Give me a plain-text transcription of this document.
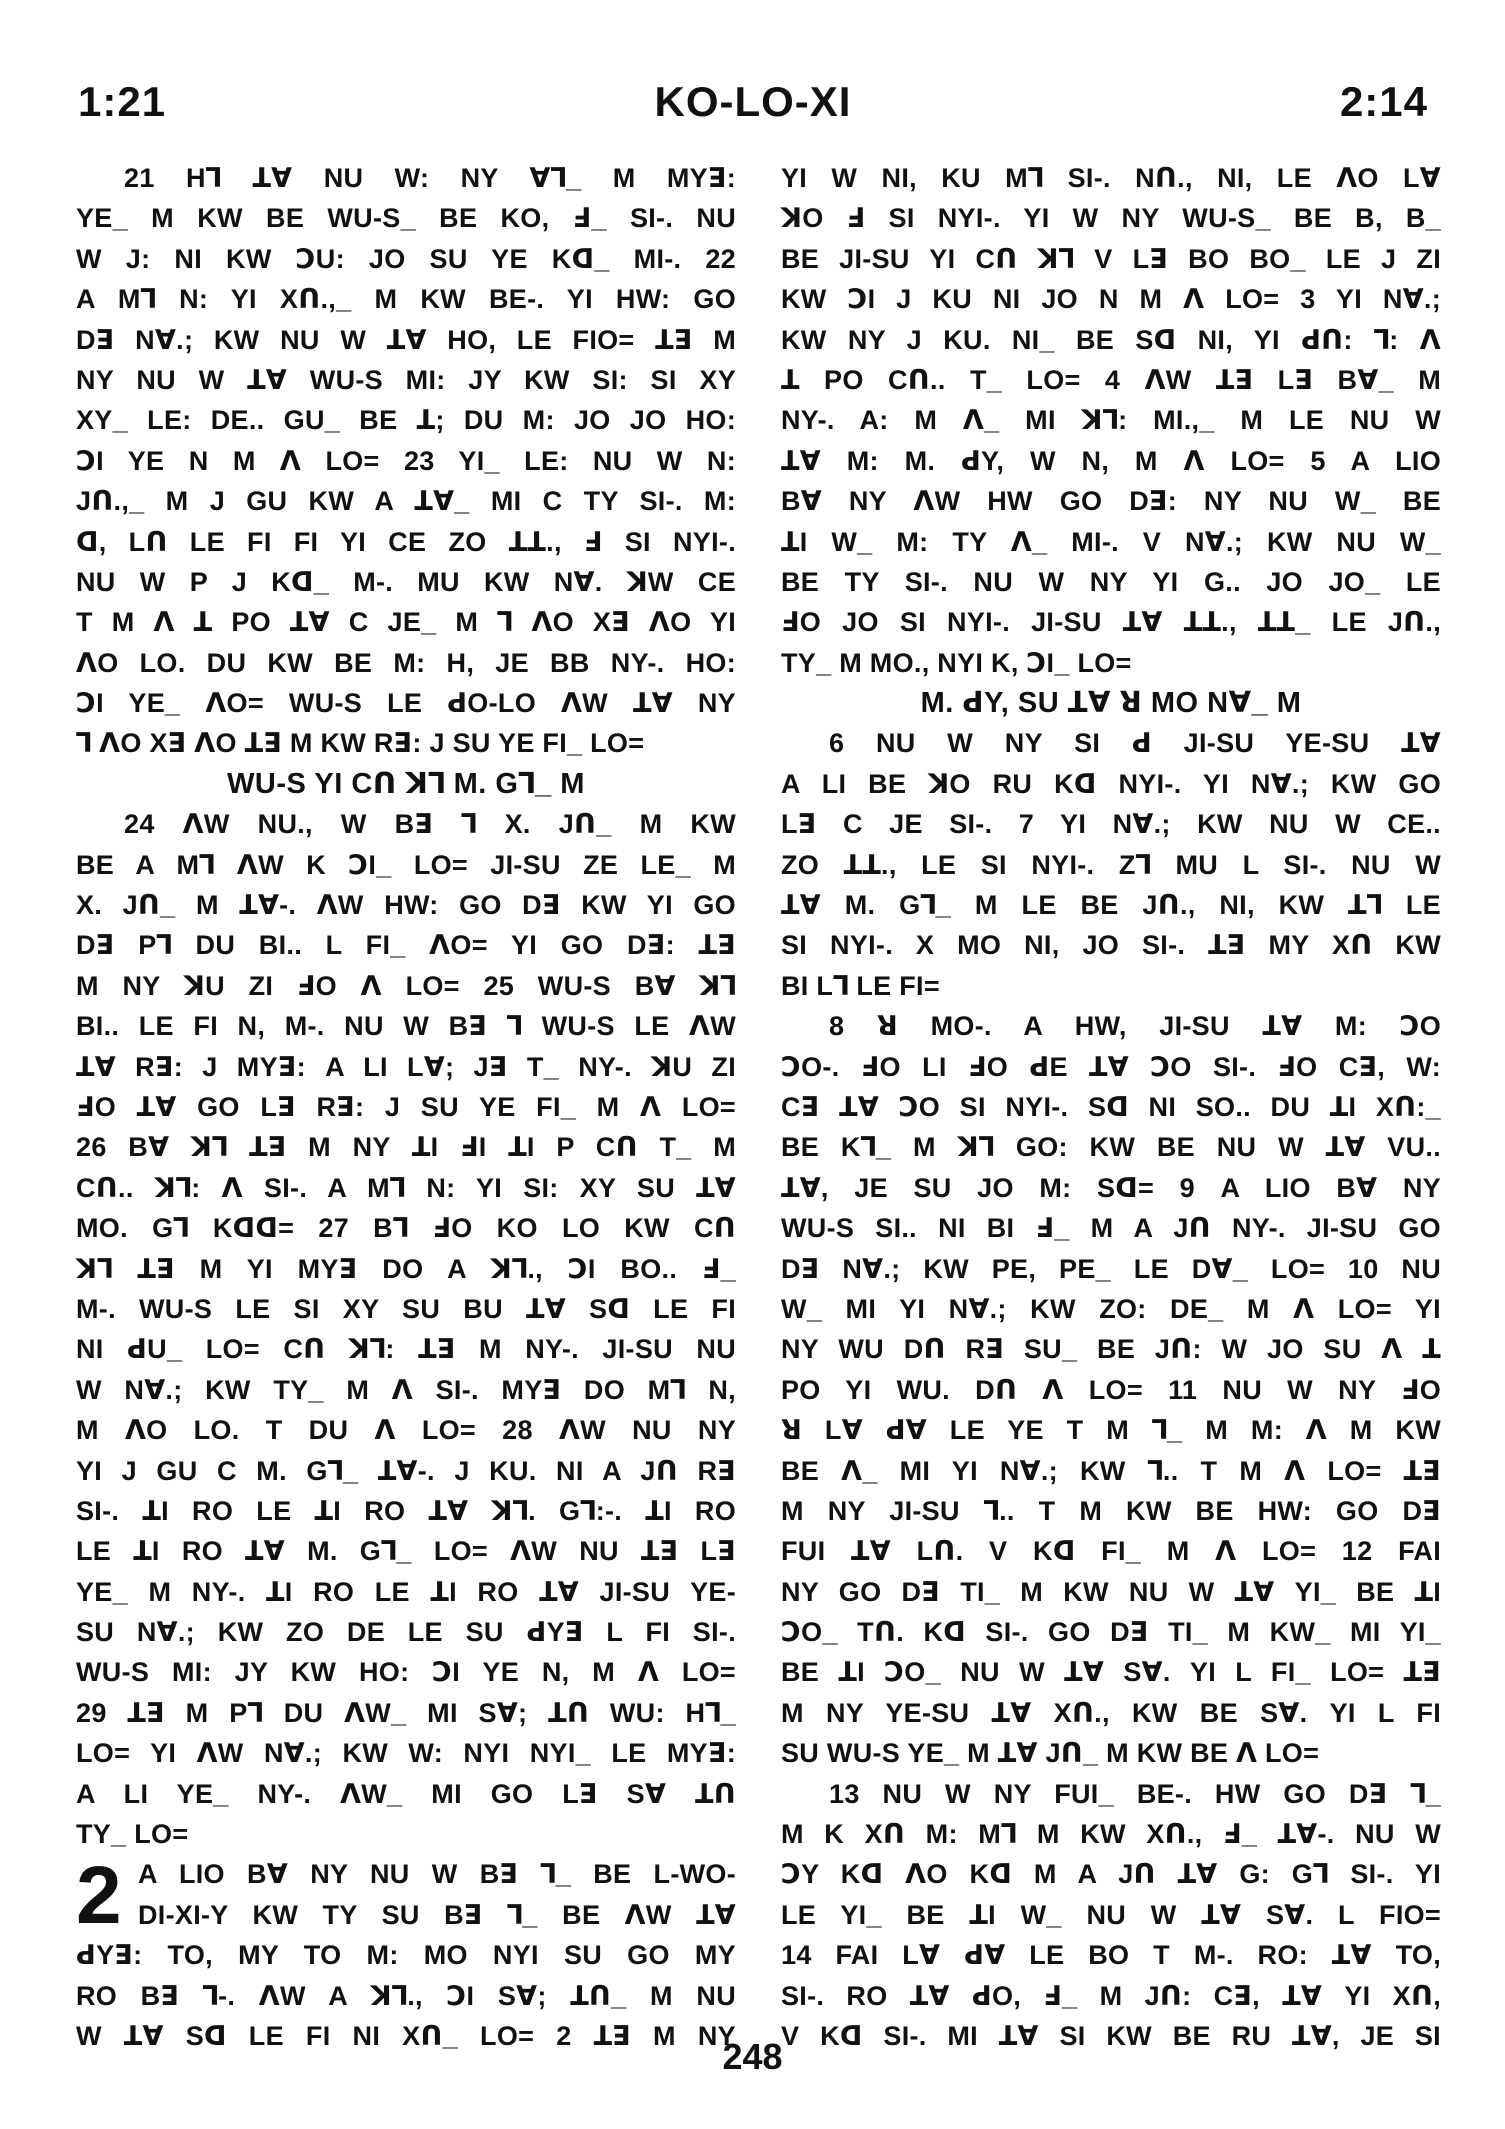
KO-LO-XI
1:21	2:14
21 Hꓶ ꓕꓯ NU W: NY ꓯꓶ_ M MYꓱ:
YE_ M KW BE WU-S_ BE KO, ꓞ_ SI-. NU
W J: NI KW ꓛU: JO SU YE Kꓷ_ MI-. 22
A Mꓶ N: YI Xꓵ.,_ M KW BE-. YI HW: GO
Dꓱ Nꓯ.; KW NU W ꓕꓯ HO, LE FIO= ꓕꓱ M
NY NU W ꓕꓯ WU-S MI: JY KW SI: SI XY
XY_ LE: DE.. GU_ BE ꓕ; DU M: JO JO HO:
ꓛI YE N M ꓥ LO= 23 YI_ LE: NU W N:
Jꓵ.,_ M J GU KW A ꓕꓯ_ MI C TY SI-. M:
ꓷ, Lꓵ LE FI FI YI CE ZO ꓕꓕ., ꓞ SI NYI-.
NU W P J Kꓷ_ M-. MU KW Nꓯ. ꓘW CE
T M ꓥ ꓕ PO ꓕꓯ C JE_ M ꓶ ꓥO Xꓱ ꓥO YI
ꓥO LO. DU KW BE M: H, JE BB NY-. HO:
ꓛI YE_ ꓥO= WU-S LE ꓒO-LO ꓥW ꓕꓯ NY
ꓶ ꓥO Xꓱ ꓥO ꓕꓱ M KW Rꓱ: J SU YE FI_ LO=
WU-S YI Cꓵ ꓘꓶ M. Gꓶ_ M
24 ꓥW NU., W Bꓱ ꓶ X. Jꓵ_ M KW
BE A Mꓶ ꓥW K ꓛI_ LO= JI-SU ZE LE_ M
X. Jꓵ_ M ꓕꓯ-. ꓥW HW: GO Dꓱ KW YI GO
Dꓱ Pꓶ DU BI.. L FI_ ꓥO= YI GO Dꓱ: ꓕꓱ
M NY ꓘU ZI ꓞO ꓥ LO= 25 WU-S Bꓯ ꓘꓶ
BI.. LE FI N, M-. NU W Bꓱ ꓶ WU-S LE ꓥW
ꓕꓯ Rꓱ: J MYꓱ: A LI Lꓯ; Jꓱ T_ NY-. ꓘU ZI
ꓞO ꓕꓯ GO Lꓱ Rꓱ: J SU YE FI_ M ꓥ LO=
26 Bꓯ ꓘꓶ ꓕꓱ M NY ꓕI ꓞI ꓕI P Cꓵ T_ M
Cꓵ.. ꓘꓶ: ꓥ SI-. A Mꓶ N: YI SI: XY SU ꓕꓯ
MO. Gꓶ Kꓷꓷ= 27 Bꓶ ꓞO KO LO KW Cꓵ
ꓘꓶ ꓕꓱ M YI MYꓱ DO A ꓘꓶ., ꓛI BO.. ꓞ_
M-. WU-S LE SI XY SU BU ꓕꓯ Sꓷ LE FI
NI ꓒU_ LO= Cꓵ ꓘꓶ: ꓕꓱ M NY-. JI-SU NU
W Nꓯ.; KW TY_ M ꓥ SI-. MYꓱ DO Mꓶ N,
M ꓥO LO. T DU ꓥ LO= 28 ꓥW NU NY
YI J GU C M. Gꓶ_ ꓕꓯ-. J KU. NI A Jꓵ Rꓱ
SI-. ꓕI RO LE ꓕI RO ꓕꓯ ꓘꓶ. Gꓶ:-. ꓕI RO
LE ꓕI RO ꓕꓯ M. Gꓶ_ LO= ꓥW NU ꓕꓱ Lꓱ
YE_ M NY-. ꓕI RO LE ꓕI RO ꓕꓯ JI-SU YE-
SU Nꓯ.; KW ZO DE LE SU ꓒYꓱ L FI SI-.
WU-S MI: JY KW HO: ꓛI YE N, M ꓥ LO=
29 ꓕꓱ M Pꓶ DU ꓥW_ MI Sꓯ; ꓕꓵ WU: Hꓶ_
LO= YI ꓥW Nꓯ.; KW W: NYI NYI_ LE MYꓱ:
A LI YE_ NY-. ꓥW_ MI GO Lꓱ Sꓯ ꓕꓵ
TY_ LO=
2 A LIO Bꓯ NY NU W Bꓱ ꓶ_ BE L-WO-
DI-XI-Y KW TY SU Bꓱ ꓶ_ BE ꓥW ꓕꓯ
ꓒYꓱ: TO, MY TO M: MO NYI SU GO MY
RO Bꓱ ꓶ-. ꓥW A ꓘꓶ., ꓛI Sꓯ; ꓕꓵ_ M NU
W ꓕꓯ Sꓷ LE FI NI Xꓵ_ LO= 2 ꓕꓱ M NY
YI W NI, KU Mꓶ SI-. Nꓵ., NI, LE ꓥO Lꓯ
ꓘO ꓞ SI NYI-. YI W NY WU-S_ BE B, B_
BE JI-SU YI Cꓵ ꓘꓶ V Lꓱ BO BO_ LE J ZI
KW ꓛI J KU NI JO N M ꓥ LO= 3 YI Nꓯ.;
KW NY J KU. NI_ BE Sꓷ NI, YI ꓒꓵ: ꓶ: ꓥ
ꓕ PO Cꓵ.. T_ LO= 4 ꓥW ꓕꓱ Lꓱ Bꓯ_ M
NY-. A: M ꓥ_ MI ꓘꓶ: MI.,_ M LE NU W
ꓕꓯ M: M. ꓒY, W N, M ꓥ LO= 5 A LIO
Bꓯ NY ꓥW HW GO Dꓱ: NY NU W_ BE
ꓕI W_ M: TY ꓥ_ MI-. V Nꓯ.; KW NU W_
BE TY SI-. NU W NY YI G.. JO JO_ LE
ꓞO JO SI NYI-. JI-SU ꓕꓯ ꓕꓕ., ꓕꓕ_ LE Jꓵ.,
TY_ M MO., NYI K, ꓛI_ LO=
M. ꓒY, SU ꓕꓯ ꓤ MO Nꓯ_ M
6 NU W NY SI ꓒ JI-SU YE-SU ꓕꓯ
A LI BE ꓘO RU Kꓷ NYI-. YI Nꓯ.; KW GO
Lꓱ C JE SI-. 7 YI Nꓯ.; KW NU W CE..
ZO ꓕꓕ., LE SI NYI-. Zꓶ MU L SI-. NU W
ꓕꓯ M. Gꓶ_ M LE BE Jꓵ., NI, KW ꓕꓶ LE
SI NYI-. X MO NI, JO SI-. ꓕꓱ MY Xꓵ KW
BI Lꓶ LE FI=
8 ꓤ MO-. A HW, JI-SU ꓕꓯ M: ꓛO
ꓛO-. ꓞO LI ꓞO ꓒE ꓕꓯ ꓛO SI-. ꓞO Cꓱ, W:
Cꓱ ꓕꓯ ꓛO SI NYI-. Sꓷ NI SO.. DU ꓕI Xꓵ:_
BE Kꓶ_ M ꓘꓶ GO: KW BE NU W ꓕꓯ VU..
ꓕꓯ, JE SU JO M: Sꓷ= 9 A LIO Bꓯ NY
WU-S SI.. NI BI ꓞ_ M A Jꓵ NY-. JI-SU GO
Dꓱ Nꓯ.; KW PE, PE_ LE Dꓯ_ LO= 10 NU
W_ MI YI Nꓯ.; KW ZO: DE_ M ꓥ LO= YI
NY WU Dꓵ Rꓱ SU_ BE Jꓵ: W JO SU ꓥ ꓕ
PO YI WU. Dꓵ ꓥ LO= 11 NU W NY ꓞO
ꓤ Lꓯ ꓒꓯ LE YE T M ꓶ_ M M: ꓥ M KW
BE ꓥ_ MI YI Nꓯ.; KW ꓶ.. T M ꓥ LO= ꓕꓱ
M NY JI-SU ꓶ.. T M KW BE HW: GO Dꓱ
FUI ꓕꓯ Lꓵ. V Kꓷ FI_ M ꓥ LO= 12 FAI
NY GO Dꓱ TI_ M KW NU W ꓕꓯ YI_ BE ꓕI
ꓛO_ Tꓵ. Kꓷ SI-. GO Dꓱ TI_ M KW_ MI YI_
BE ꓕI ꓛO_ NU W ꓕꓯ Sꓯ. YI L FI_ LO= ꓕꓱ
M NY YE-SU ꓕꓯ Xꓵ., KW BE Sꓯ. YI L FI
SU WU-S YE_ M ꓕꓯ Jꓵ_ M KW BE ꓥ LO=
13 NU W NY FUI_ BE-. HW GO Dꓱ ꓶ_
M K Xꓵ M: Mꓶ M KW Xꓵ., ꓞ_ ꓕꓯ-. NU W
ꓛY Kꓷ ꓥO Kꓷ M A Jꓵ ꓕꓯ G: Gꓶ SI-. YI
LE YI_ BE ꓕI W_ NU W ꓕꓯ Sꓯ. L FIO=
14 FAI Lꓯ ꓒꓯ LE BO T M-. RO: ꓕꓯ TO,
SI-. RO ꓕꓯ ꓒO, ꓞ_ M Jꓵ: Cꓱ, ꓕꓯ YI Xꓵ,
V Kꓷ SI-. MI ꓕꓯ SI KW BE RU ꓕꓯ, JE SI
248
